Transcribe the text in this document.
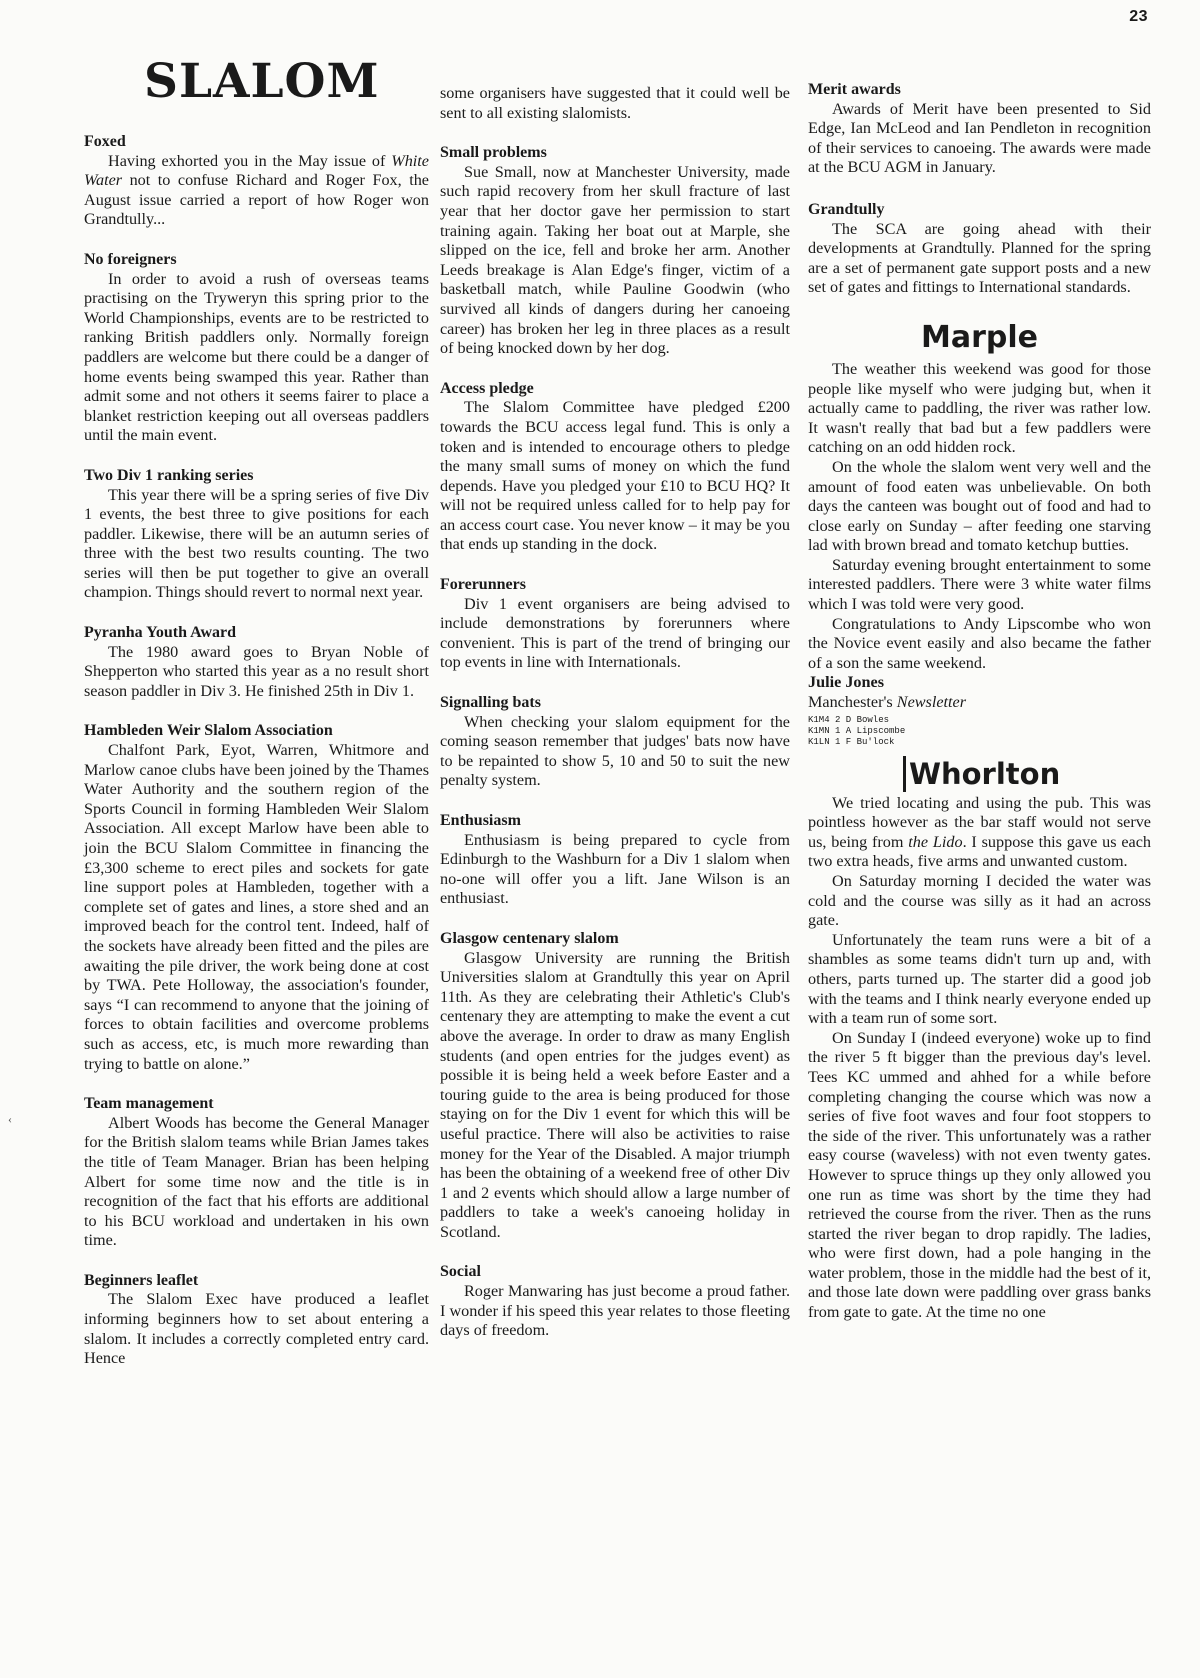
23
‹
SLALOM
Foxed

Having exhorted you in the May issue of White Water not to confuse Richard and Roger Fox, the August issue carried a report of how Roger won Grandtully...

No foreigners

In order to avoid a rush of overseas teams practising on the Tryweryn this spring prior to the World Championships, events are to be restricted to ranking British paddlers only. Normally foreign paddlers are welcome but there could be a danger of home events being swamped this year. Rather than admit some and not others it seems fairer to place a blanket restriction keeping out all overseas paddlers until the main event.

Two Div 1 ranking series

This year there will be a spring series of five Div 1 events, the best three to give positions for each paddler. Likewise, there will be an autumn series of three with the best two results counting. The two series will then be put together to give an overall champion. Things should revert to normal next year.

Pyranha Youth Award

The 1980 award goes to Bryan Noble of Shepperton who started this year as a no result short season paddler in Div 3. He finished 25th in Div 1.

Hambleden Weir Slalom Association

Chalfont Park, Eyot, Warren, Whitmore and Marlow canoe clubs have been joined by the Thames Water Authority and the southern region of the Sports Council in forming Hambleden Weir Slalom Association. All except Marlow have been able to join the BCU Slalom Committee in financing the £3,300 scheme to erect piles and sockets for gate line support poles at Hambleden, together with a complete set of gates and lines, a store shed and an improved beach for the control tent. Indeed, half of the sockets have already been fitted and the piles are awaiting the pile driver, the work being done at cost by TWA. Pete Holloway, the association's founder, says “I can recommend to anyone that the joining of forces to obtain facilities and overcome problems such as access, etc, is much more rewarding than trying to battle on alone.”

Team management

Albert Woods has become the General Manager for the British slalom teams while Brian James takes the title of Team Manager. Brian has been helping Albert for some time now and the title is in recognition of the fact that his efforts are additional to his BCU workload and undertaken in his own time.

Beginners leaflet

The Slalom Exec have produced a leaflet informing beginners how to set about entering a slalom. It includes a correctly completed entry card. Hence

some organisers have suggested that it could well be sent to all existing slalomists.

Small problems

Sue Small, now at Manchester University, made such rapid recovery from her skull fracture of last year that her doctor gave her permission to start training again. Taking her boat out at Marple, she slipped on the ice, fell and broke her arm. Another Leeds breakage is Alan Edge's finger, victim of a basketball match, while Pauline Goodwin (who survived all kinds of dangers during her canoeing career) has broken her leg in three places as a result of being knocked down by her dog.

Access pledge

The Slalom Committee have pledged £200 towards the BCU access legal fund. This is only a token and is intended to encourage others to pledge the many small sums of money on which the fund depends. Have you pledged your £10 to BCU HQ? It will not be required unless called for to help pay for an access court case. You never know – it may be you that ends up standing in the dock.

Forerunners

Div 1 event organisers are being advised to include demonstrations by forerunners where convenient. This is part of the trend of bringing our top events in line with Internationals.

Signalling bats

When checking your slalom equipment for the coming season remember that judges' bats now have to be repainted to show 5, 10 and 50 to suit the new penalty system.

Enthusiasm

Enthusiasm is being prepared to cycle from Edinburgh to the Washburn for a Div 1 slalom when no-one will offer you a lift. Jane Wilson is an enthusiast.

Glasgow centenary slalom

Glasgow University are running the British Universities slalom at Grandtully this year on April 11th. As they are celebrating their Athletic's Club's centenary they are attempting to make the event a cut above the average. In order to draw as many English students (and open entries for the judges event) as possible it is being held a week before Easter and a touring guide to the area is being produced for those staying on for the Div 1 event for which this will be useful practice. There will also be activities to raise money for the Year of the Disabled. A major triumph has been the obtaining of a weekend free of other Div 1 and 2 events which should allow a large number of paddlers to take a week's canoeing holiday in Scotland.

Social

Roger Manwaring has just become a proud father. I wonder if his speed this year relates to those fleeting days of freedom.

Merit awards

Awards of Merit have been presented to Sid Edge, Ian McLeod and Ian Pendleton in recognition of their services to canoeing. The awards were made at the BCU AGM in January.

Grandtully

The SCA are going ahead with their developments at Grandtully. Planned for the spring are a set of permanent gate support posts and a new set of gates and fittings to International standards.

Marple

The weather this weekend was good for those people like myself who were judging but, when it actually came to paddling, the river was rather low. It wasn't really that bad but a few paddlers were catching on an odd hidden rock.

On the whole the slalom went very well and the amount of food eaten was unbelievable. On both days the canteen was bought out of food and had to close early on Sunday – after feeding one starving lad with brown bread and tomato ketchup butties.

Saturday evening brought entertainment to some interested paddlers. There were 3 white water films which I was told were very good.

Congratulations to Andy Lipscombe who won the Novice event easily and also became the father of a son the same weekend.

Julie Jones
Manchester's Newsletter
K1M4 2 D Bowles
K1MN 1 A Lipscombe
K1LN 1 F Bu'lock
Whorlton

We tried locating and using the pub. This was pointless however as the bar staff would not serve us, being from the Lido. I suppose this gave us each two extra heads, five arms and unwanted custom.

On Saturday morning I decided the water was cold and the course was silly as it had an across gate.

Unfortunately the team runs were a bit of a shambles as some teams didn't turn up and, with others, parts turned up. The starter did a good job with the teams and I think nearly everyone ended up with a team run of some sort.

On Sunday I (indeed everyone) woke up to find the river 5 ft bigger than the previous day's level. Tees KC ummed and ahhed for a while before completing changing the course which was now a series of five foot waves and four foot stoppers to the side of the river. This unfortunately was a rather easy course (waveless) with not even twenty gates. However to spruce things up they only allowed you one run as time was short by the time they had retrieved the course from the river. Then as the runs started the river began to drop rapidly. The ladies, who were first down, had a pole hanging in the water problem, those in the middle had the best of it, and those late down were paddling over grass banks from gate to gate. At the time no one
